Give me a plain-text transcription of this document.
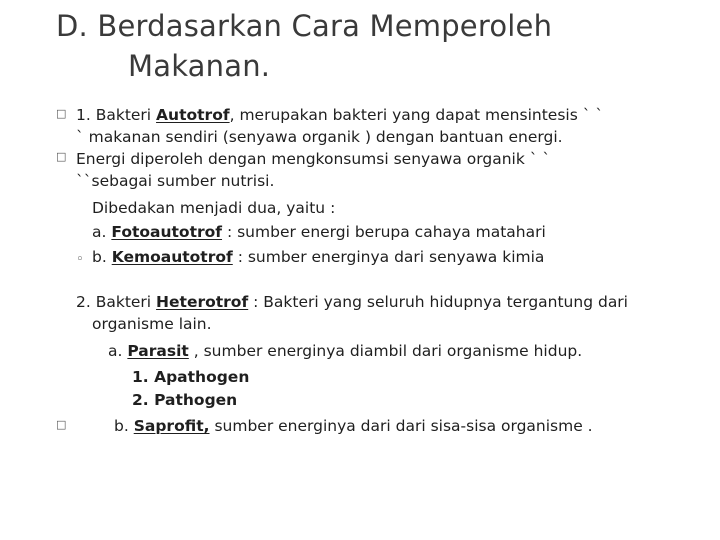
D. Berdasarkan Cara Memperoleh
Makanan.
□
□
◦
□
1. Bakteri Autotrof, merupakan bakteri yang dapat mensintesis ` `
` makanan sendiri (senyawa organik ) dengan bantuan energi.
Energi diperoleh dengan mengkonsumsi senyawa organik ` `
``sebagai sumber nutrisi.
Dibedakan menjadi dua, yaitu :
a. Fotoautotrof : sumber energi berupa cahaya matahari
b. Kemoautotrof : sumber energinya dari senyawa kimia
2. Bakteri Heterotrof : Bakteri yang seluruh hidupnya tergantung dari
organisme lain.
a. Parasit , sumber energinya diambil dari organisme hidup.
1. Apathogen
2. Pathogen
b. Saprofit, sumber energinya dari dari sisa-sisa organisme .
